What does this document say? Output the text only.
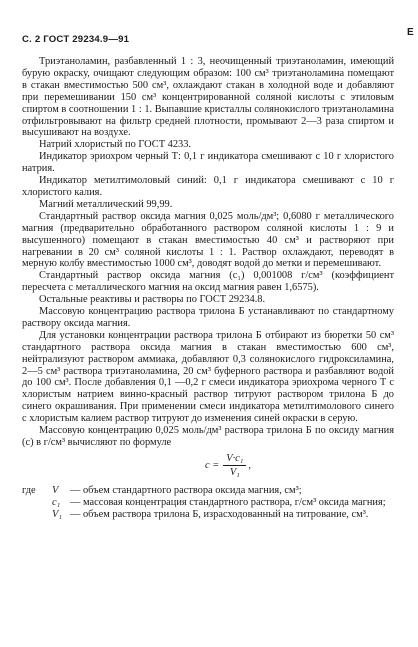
С. 2 ГОСТ 29234.9—91
Е

Триэтаноламин, разбавленный 1 : 3, неочищенный триэтаноламин, имеющий бурую окраску, очищают следующим образом: 100 см³ триэтаноламина помещают в стакан вместимостью 500 см³, охлаждают стакан в холодной воде и добавляют при перемешивании 150 см³ концентрированной соляной кислоты с этиловым спиртом в соотношении 1 : 1. Выпавшие кристаллы солянокислого триэтаноламина отфильтровывают на фильтр средней плотности, промывают 2—3 раза спиртом и высушивают на воздухе.

Натрий хлористый по ГОСТ 4233.

Индикатор эриохром черный Т: 0,1 г индикатора смешивают с 10 г хлористого натрия.

Индикатор метилтимоловый синий: 0,1 г индикатора смешивают с 10 г хлористого калия.

Магний металлический 99,99.

Стандартный раствор оксида магния 0,025 моль/дм³; 0,6080 г металлического магния (предварительно обработанного раствором соляной кислоты 1 : 9 и высушенного) помещают в стакан вместимостью 40 см³ и растворяют при нагревании в 20 см³ соляной кислоты 1 : 1. Раствор охлаждают, переводят в мерную колбу вместимостью 1000 см³, доводят водой до метки и перемешивают.

Стандартный раствор оксида магния (c₁) 0,001008 г/см³ (коэффициент пересчета с металлического магния на оксид магния равен 1,6575).

Остальные реактивы и растворы по ГОСТ 29234.8.

Массовую концентрацию раствора трилона Б устанавливают по стандартному раствору оксида магния.

Для установки концентрации раствора трилона Б отбирают из бюретки 50 см³ стандартного раствора оксида магния в стакан вместимостью 600 см³, нейтрализуют раствором аммиака, добавляют 0,3 солянокислого гидроксиламина, 2—5 см³ раствора триэтаноламина, 20 см³ буферного раствора и разбавляют водой до 100 см³. После добавления 0,1 —0,2 г смеси индикатора эриохрома черного Т с хлористым натрием винно-красный раствор титруют раствором трилона Б до синего окрашивания. При применении смеси индикатора метилтимолового синего с хлористым калием раствор титруют до изменения синей окраски в серую.

Массовую концентрацию 0,025 моль/дм³ раствора трилона Б по оксиду магния (c) в г/см³ вычисляют по формуле

$c = \frac{\text{V·c₁}}{\text{V₁}}$ ,
где	V	— объем стандартного раствора оксида магния, см³;
c₁ — массовая концентрация стандартного раствора, г/см³ оксида магния;
V₁ — объем раствора трилона Б, израсходованный на титрование, см³.
